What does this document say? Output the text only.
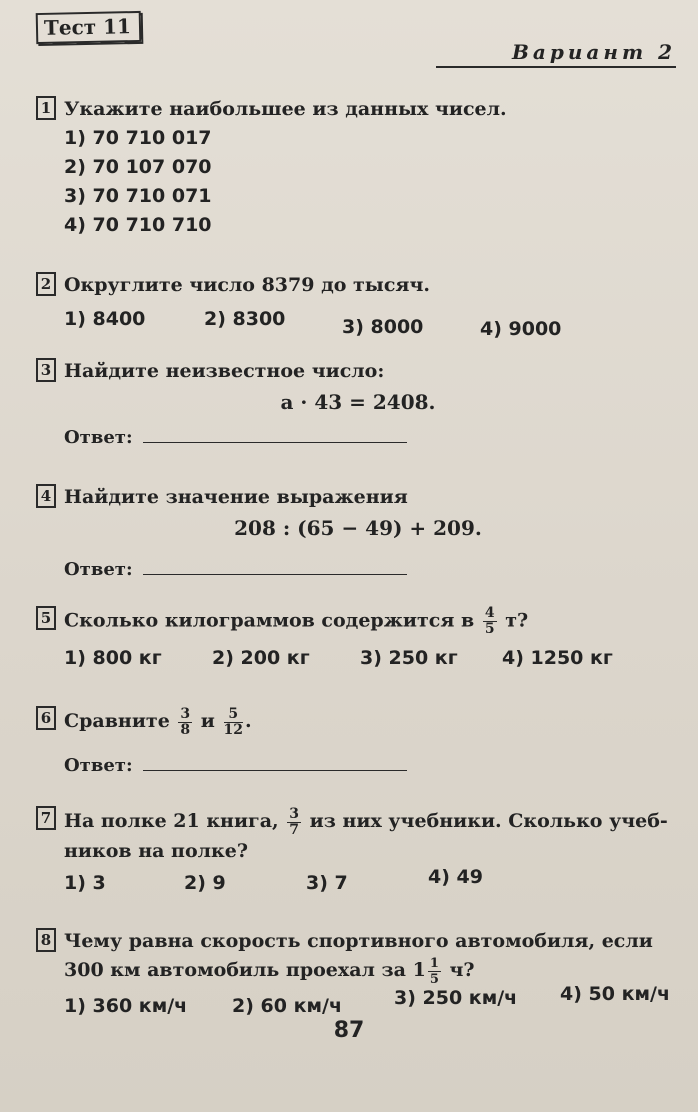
Тест 11
Вариант 2
1 Укажите наибольшее из данных чисел.
1) 70 710 017
2) 70 107 070
3) 70 710 071
4) 70 710 710
2 Округлите число 8379 до тысяч.
1) 8400	2) 8300	3) 8000	4) 9000
3 Найдите неизвестное число:
a · 43 = 2408.
Ответ:
4 Найдите значение выражения
208 : (65 − 49) + 209.
Ответ:
5 Сколько килограммов содержится в $\frac{4}{5} т$?
1) 800 кг	2) 200 кг	3) 250 кг	4) 1250 кг
6 Сравните $\frac{3}{8}$ и $\frac{5}{12}$ .
Ответ:
7 На полке 21 книга, $\frac{3}{7}$ из них учебники. Сколько учеб-
ников на полке?
1) 3	2) 9	3) 7	4) 49
8 Чему равна скорость спортивного автомобиля, если
300 км автомобиль проехал за $1 \frac{1}{5} ч$?
1) 360 км/ч	2) 60 км/ч	3) 250 км/ч	4) 50 км/ч
87
